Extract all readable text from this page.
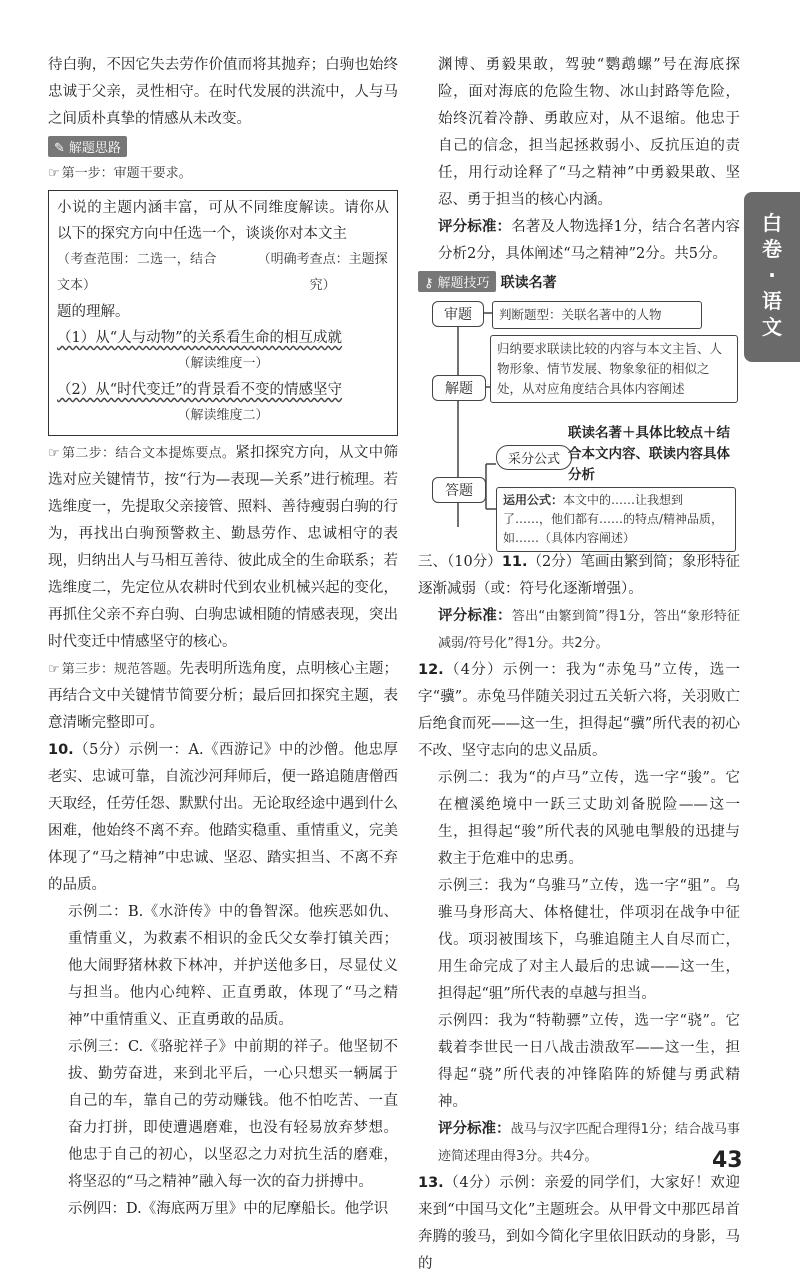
待白驹，不因它失去劳作价值而将其抛弃；白驹也始终忠诚于父亲，灵性相守。在时代发展的洪流中，人与马之间质朴真挚的情感从未改变。

✎ 解题思路

☞ 第一步：审题干要求。

小说的主题内涵丰富，可从不同维度解读。请你从以下的探究方向中任选一个，谈谈你对本文主

（考查范围：二选一，结合文本）

（明确考查点：主题探究）

题的理解。

（1）从“人与动物”的关系看生命的相互成就

（解读维度一）

（2）从“时代变迁”的背景看不变的情感坚守

（解读维度二）

☞ 第二步：结合文本提炼要点。紧扣探究方向，从文中筛选对应关键情节，按“行为—表现—关系”进行梳理。若选维度一，先提取父亲接管、照料、善待瘦弱白驹的行为，再找出白驹预警救主、勤恳劳作、忠诚相守的表现，归纳出人与马相互善待、彼此成全的生命联系；若选维度二，先定位从农耕时代到农业机械兴起的变化，再抓住父亲不弃白驹、白驹忠诚相随的情感表现，突出时代变迁中情感坚守的核心。

☞ 第三步：规范答题。先表明所选角度，点明核心主题；再结合文中关键情节简要分析；最后回扣探究主题，表意清晰完整即可。

10.（5分）示例一：A.《西游记》中的沙僧。他忠厚老实、忠诚可靠，自流沙河拜师后，便一路追随唐僧西天取经，任劳任怨、默默付出。无论取经途中遇到什么困难，他始终不离不弃。他踏实稳重、重情重义，完美体现了“马之精神”中忠诚、坚忍、踏实担当、不离不弃的品质。

示例二：B.《水浒传》中的鲁智深。他疾恶如仇、重情重义，为救素不相识的金氏父女拳打镇关西；他大闹野猪林救下林冲，并护送他多日，尽显仗义与担当。他内心纯粹、正直勇敢，体现了“马之精神”中重情重义、正直勇敢的品质。

示例三：C.《骆驼祥子》中前期的祥子。他坚韧不拔、勤劳奋进，来到北平后，一心只想买一辆属于自己的车，靠自己的劳动赚钱。他不怕吃苦、一直奋力打拼，即使遭遇磨难，也没有轻易放弃梦想。他忠于自己的初心，以坚忍之力对抗生活的磨难，将坚忍的“马之精神”融入每一次的奋力拼搏中。

示例四：D.《海底两万里》中的尼摩船长。他学识

渊博、勇毅果敢，驾驶“鹦鹉螺”号在海底探险，面对海底的危险生物、冰山封路等危险，始终沉着冷静、勇敢应对，从不退缩。他忠于自己的信念，担当起拯救弱小、反抗压迫的责任，用行动诠释了“马之精神”中勇毅果敢、坚忍、勇于担当的核心内涵。

评分标准：名著及人物选择1分，结合名著内容分析2分，具体阐述“马之精神”2分。共5分。

⚷ 解题技巧 联读名著
审题	判断题型：关联名著中的人物
解题
归纳要求联读比较的内容与本文主旨、人物形象、情节发展、物象象征的相似之处，从对应角度结合具体内容阐述
答题
采分公式
联读名著＋具体比较点＋结合本文内容、联读内容具体分析
运用公式：本文中的……让我想到了……，他们都有……的特点/精神品质，如……（具体内容阐述）

三、（10分）11.（2分）笔画由繁到简；象形特征逐渐减弱（或：符号化逐渐增强）。

评分标准：答出“由繁到简”得1分，答出“象形特征减弱/符号化”得1分。共2分。

12.（4分）示例一：我为“赤兔马”立传，选一字“骥”。赤兔马伴随关羽过五关斩六将，关羽败亡后绝食而死——这一生，担得起“骥”所代表的初心不改、坚守志向的忠义品质。

示例二：我为“的卢马”立传，选一字“骏”。它在檀溪绝境中一跃三丈助刘备脱险——这一生，担得起“骏”所代表的风驰电掣般的迅捷与救主于危难中的忠勇。

示例三：我为“乌骓马”立传，选一字“驵”。乌骓马身形高大、体格健壮，伴项羽在战争中征伐。项羽被围垓下，乌骓追随主人自尽而亡，用生命完成了对主人最后的忠诚——这一生，担得起“驵”所代表的卓越与担当。

示例四：我为“特勒骠”立传，选一字“骁”。它载着李世民一日八战击溃敌军——这一生，担得起“骁”所代表的冲锋陷阵的矫健与勇武精神。

评分标准：战马与汉字匹配合理得1分；结合战马事迹简述理由得3分。共4分。

13.（4分）示例：亲爱的同学们，大家好！欢迎来到“中国马文化”主题班会。从甲骨文中那匹昂首奔腾的骏马，到如今简化字里依旧跃动的身影，马的

白卷·语文
43
